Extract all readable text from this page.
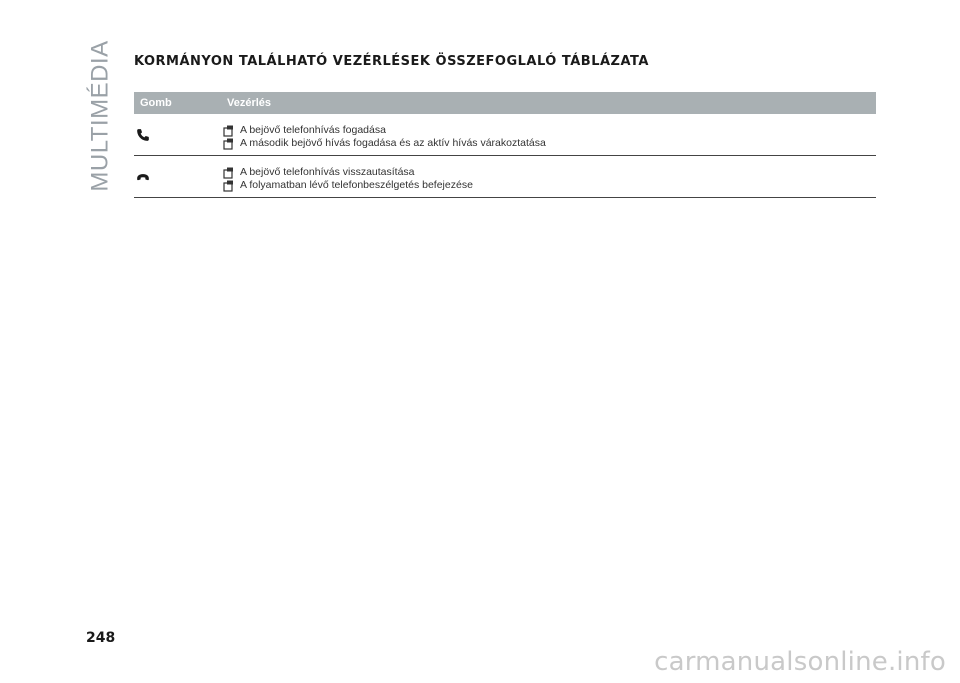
MULTIMÉDIA KORMÁNYON TALÁLHATÓ VEZÉRLÉSEK ÖSSZEFOGLALÓ TÁBLÁZATA
Gomb	Vezérlés
A bejövő telefonhívás fogadása
A második bejövő hívás fogadása és az aktív hívás várakoztatása
A bejövő telefonhívás visszautasítása
A folyamatban lévő telefonbeszélgetés befejezése
248
carmanualsonline.info
